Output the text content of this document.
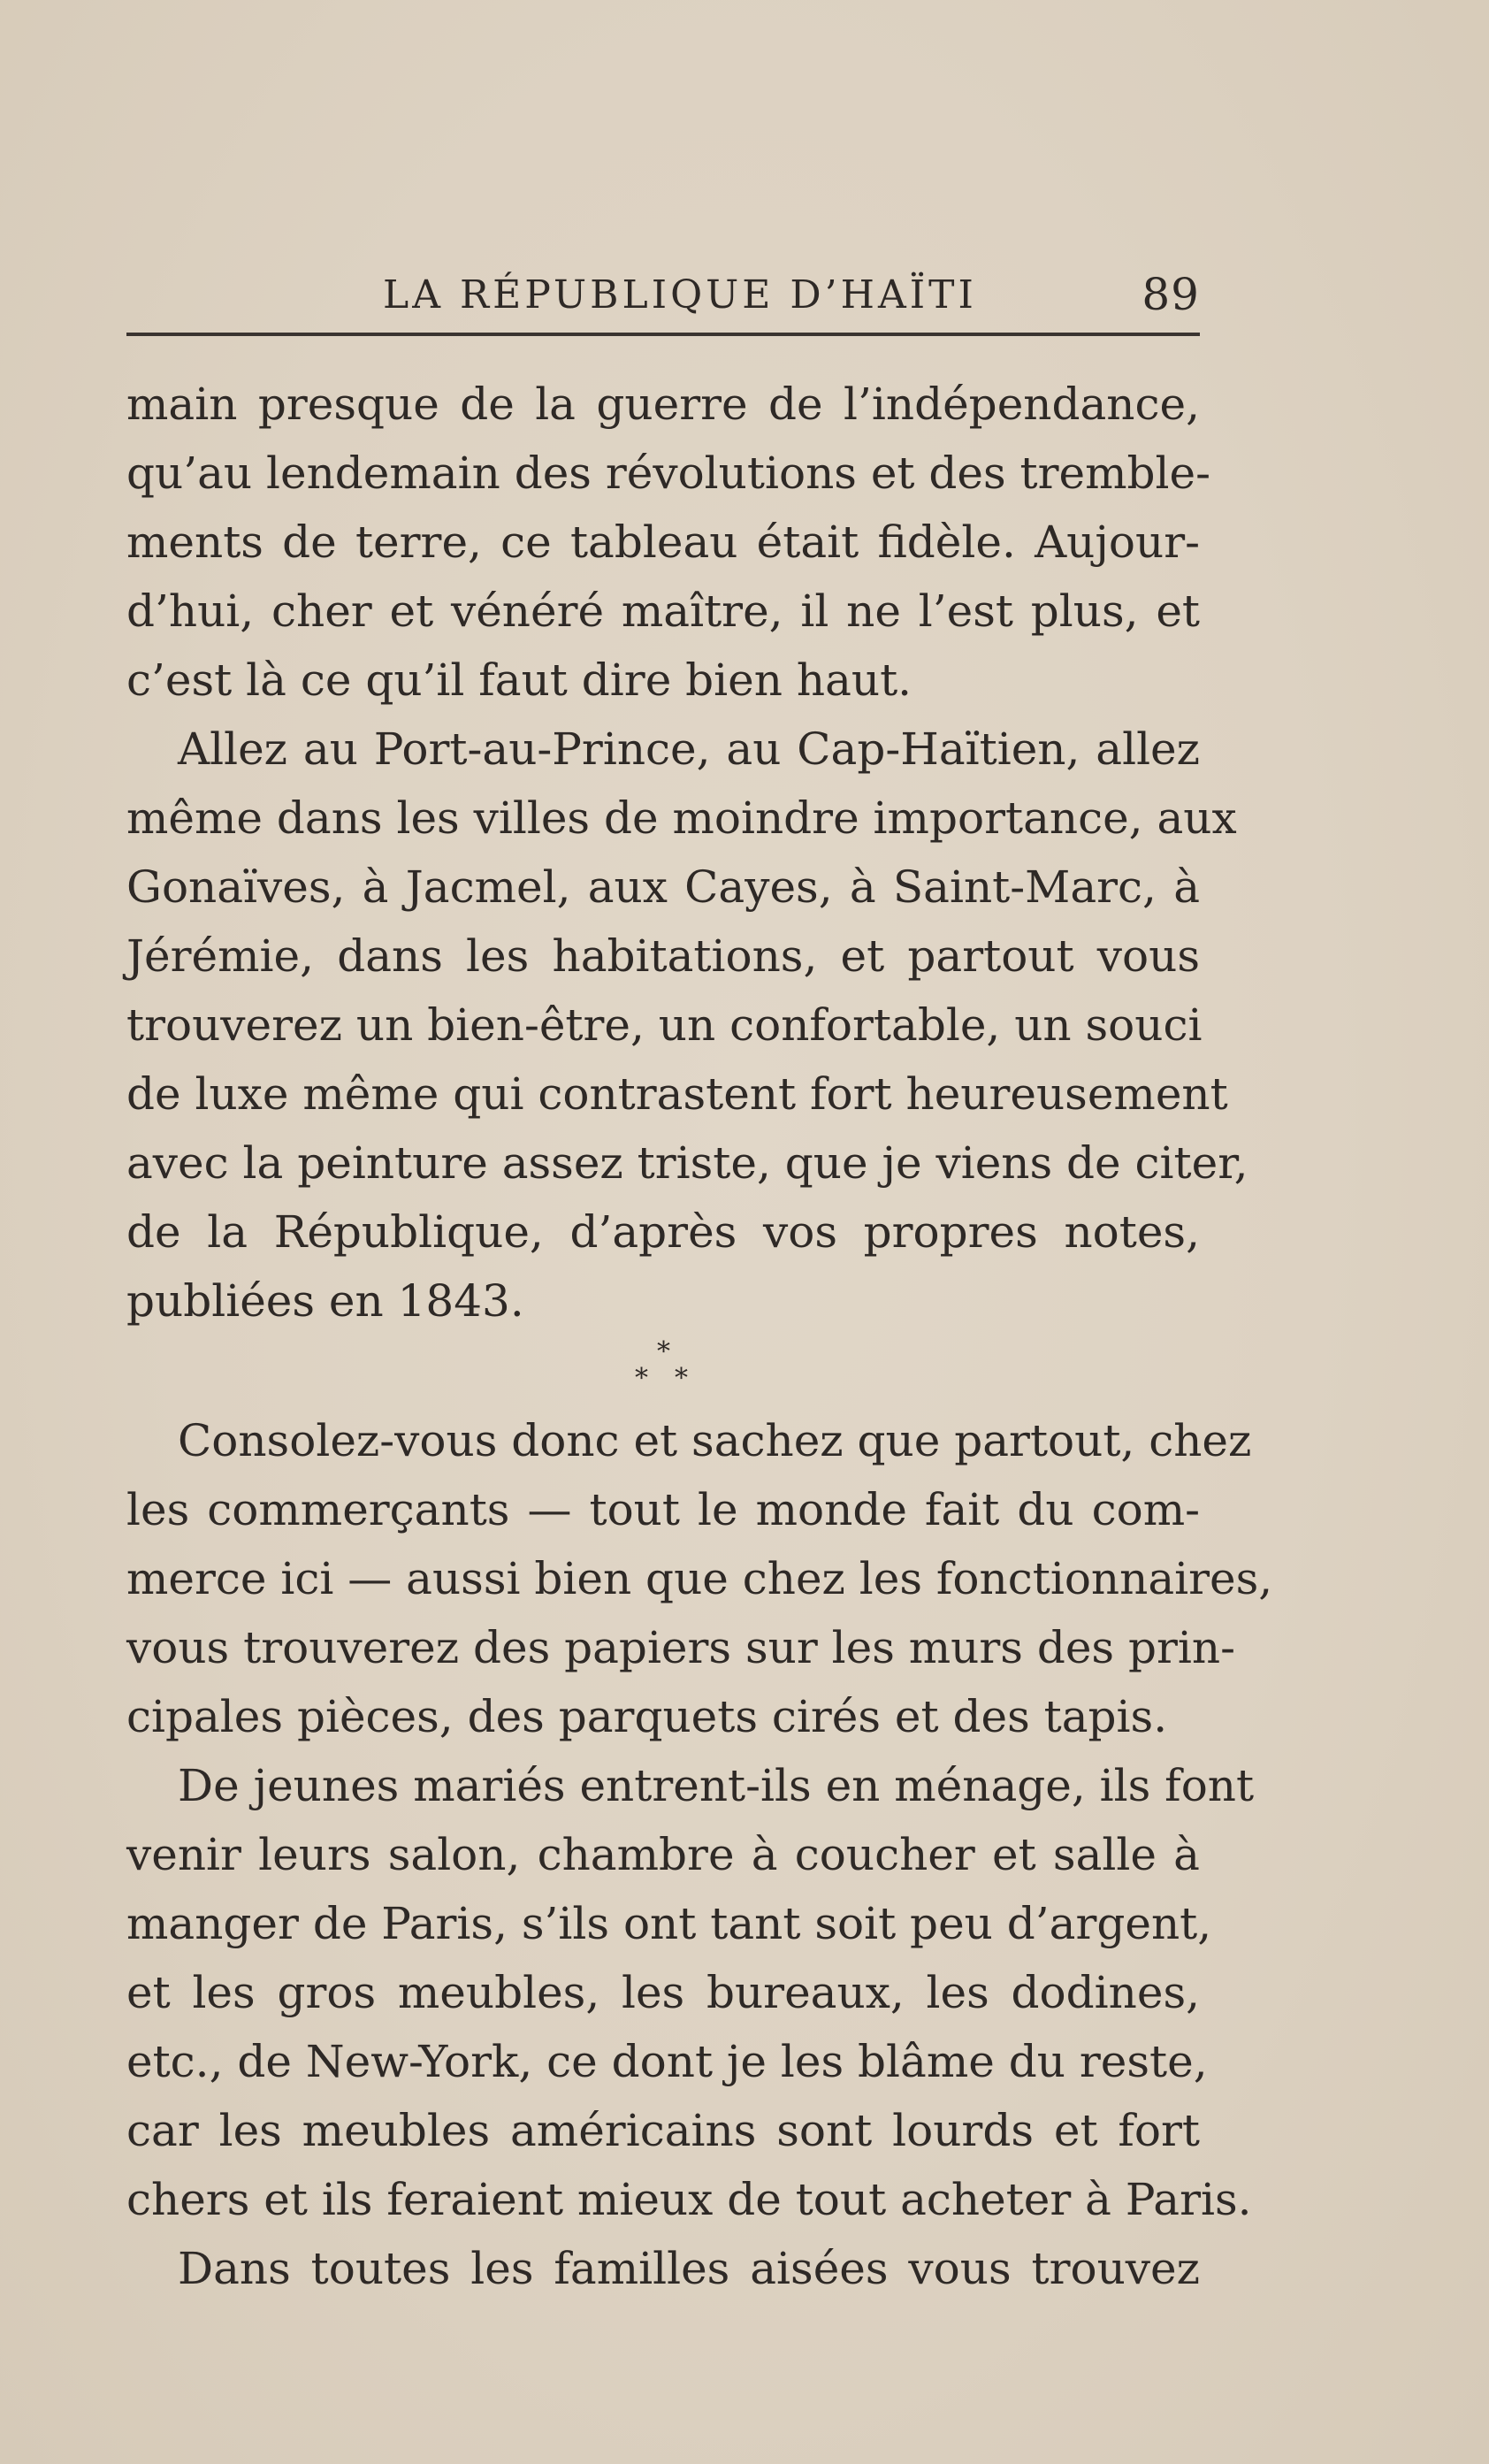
LA RÉPUBLIQUE D’HAÏTI	89
main presque de la guerre de l’indépendance,
qu’au lendemain des révolutions et des tremble-
ments de terre, ce tableau était fidèle. Aujour-
d’hui, cher et vénéré maître, il ne l’est plus, et
c’est là ce qu’il faut dire bien haut.
Allez au Port-au-Prince, au Cap-Haïtien, allez
même dans les villes de moindre importance, aux
Gonaïves, à Jacmel, aux Cayes, à Saint-Marc, à
Jérémie, dans les habitations, et partout vous
trouverez un bien-être, un confortable, un souci
de luxe même qui contrastent fort heureusement
avec la peinture assez triste, que je viens de citer,
de la République, d’après vos propres notes,
publiées en 1843.
*
* *
Consolez-vous donc et sachez que partout, chez
les commerçants — tout le monde fait du com-
merce ici — aussi bien que chez les fonctionnaires,
vous trouverez des papiers sur les murs des prin-
cipales pièces, des parquets cirés et des tapis.
De jeunes mariés entrent-ils en ménage, ils font
venir leurs salon, chambre à coucher et salle à
manger de Paris, s’ils ont tant soit peu d’argent,
et les gros meubles, les bureaux, les dodines,
etc., de New-York, ce dont je les blâme du reste,
car les meubles américains sont lourds et fort
chers et ils feraient mieux de tout acheter à Paris.
Dans toutes les familles aisées vous trouvez
